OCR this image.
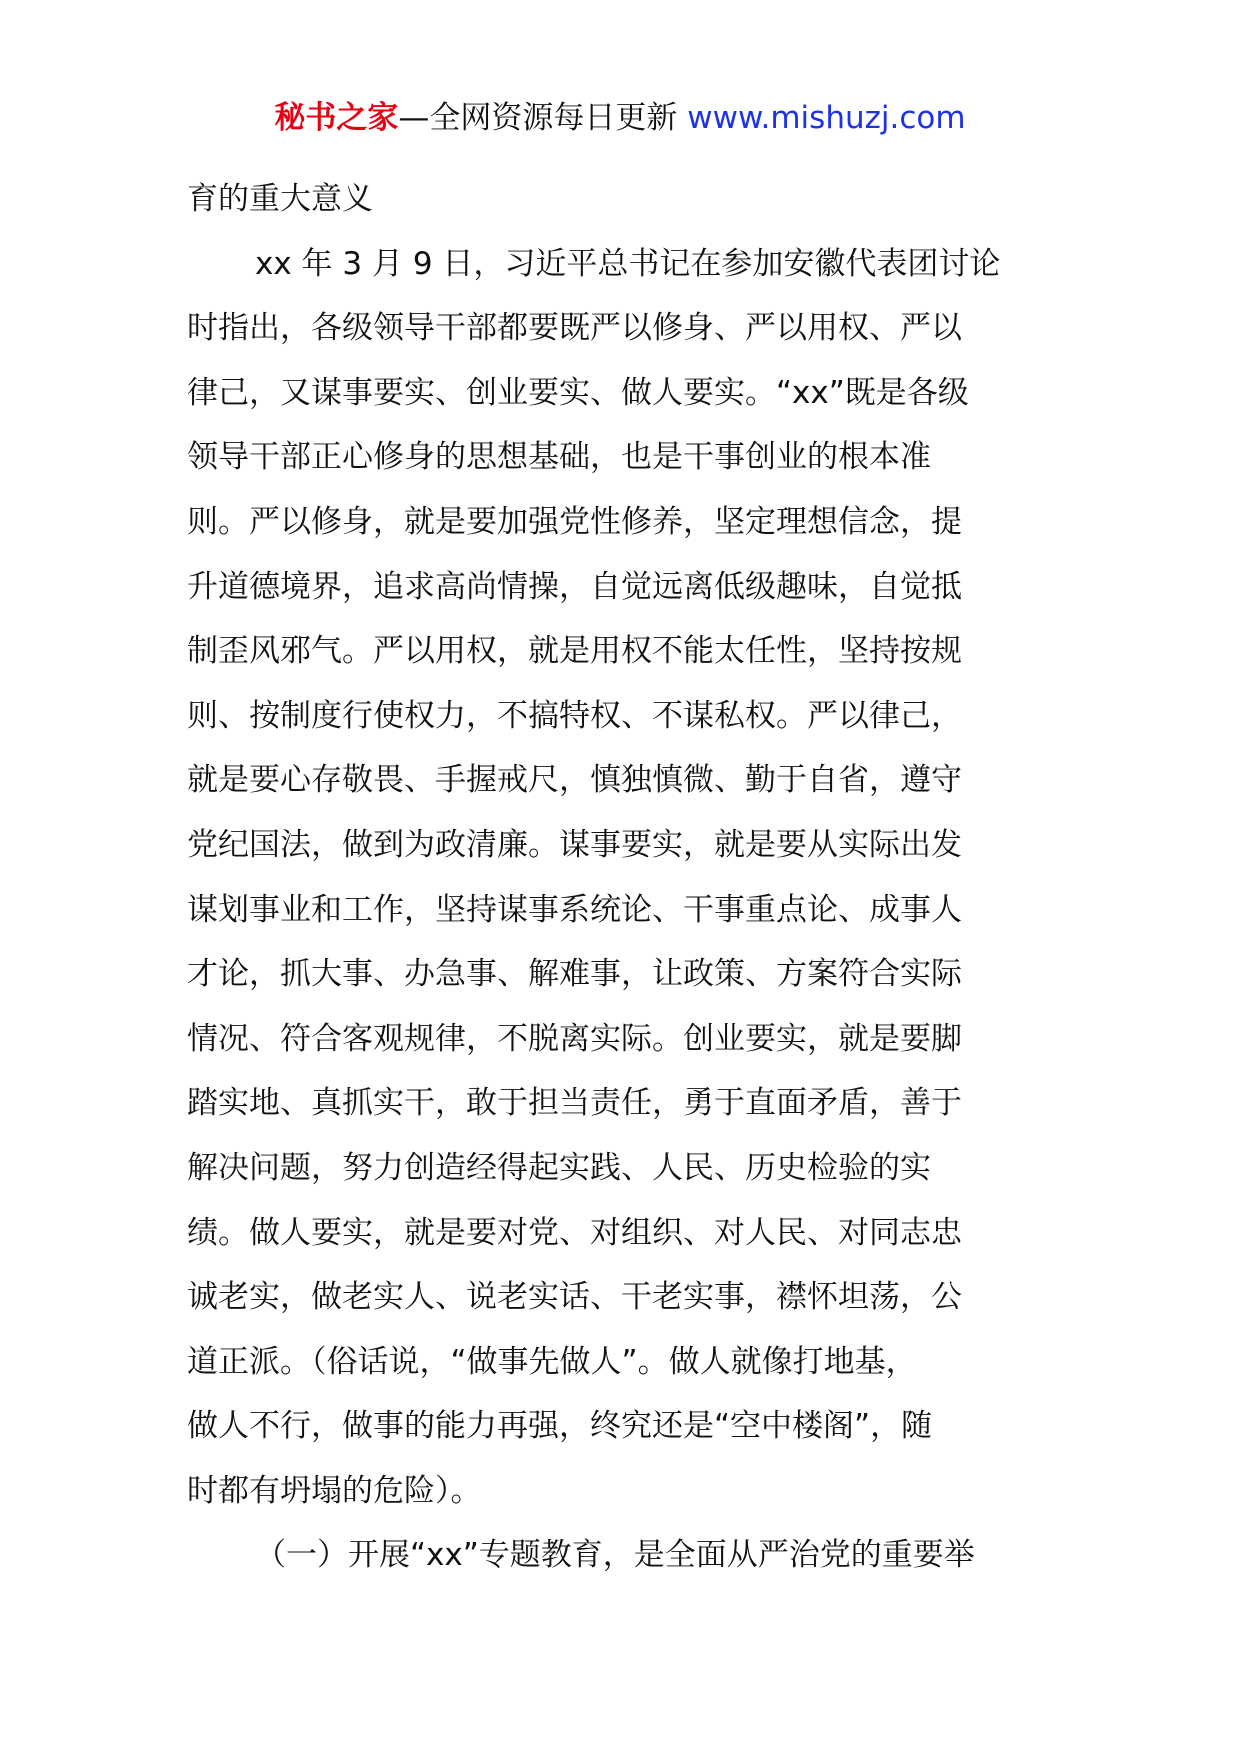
秘书之家—全网资源每日更新 www.mishuzj.com
育的重大意义
xx 年 3 月 9 日，习近平总书记在参加安徽代表团讨论
时指出，各级领导干部都要既严以修身、严以用权、严以
律己，又谋事要实、创业要实、做人要实。“xx”既是各级
领导干部正心修身的思想基础，也是干事创业的根本准
则。严以修身，就是要加强党性修养，坚定理想信念，提
升道德境界，追求高尚情操，自觉远离低级趣味，自觉抵
制歪风邪气。严以用权，就是用权不能太任性，坚持按规
则、按制度行使权力，不搞特权、不谋私权。严以律己，
就是要心存敬畏、手握戒尺，慎独慎微、勤于自省，遵守
党纪国法，做到为政清廉。谋事要实，就是要从实际出发
谋划事业和工作，坚持谋事系统论、干事重点论、成事人
才论，抓大事、办急事、解难事，让政策、方案符合实际
情况、符合客观规律，不脱离实际。创业要实，就是要脚
踏实地、真抓实干，敢于担当责任，勇于直面矛盾，善于
解决问题，努力创造经得起实践、人民、历史检验的实
绩。做人要实，就是要对党、对组织、对人民、对同志忠
诚老实，做老实人、说老实话、干老实事，襟怀坦荡，公
道正派。（俗话说，“做事先做人”。做人就像打地基，
做人不行，做事的能力再强，终究还是“空中楼阁”，随
时都有坍塌的危险）。
（一）开展“xx”专题教育，是全面从严治党的重要举
